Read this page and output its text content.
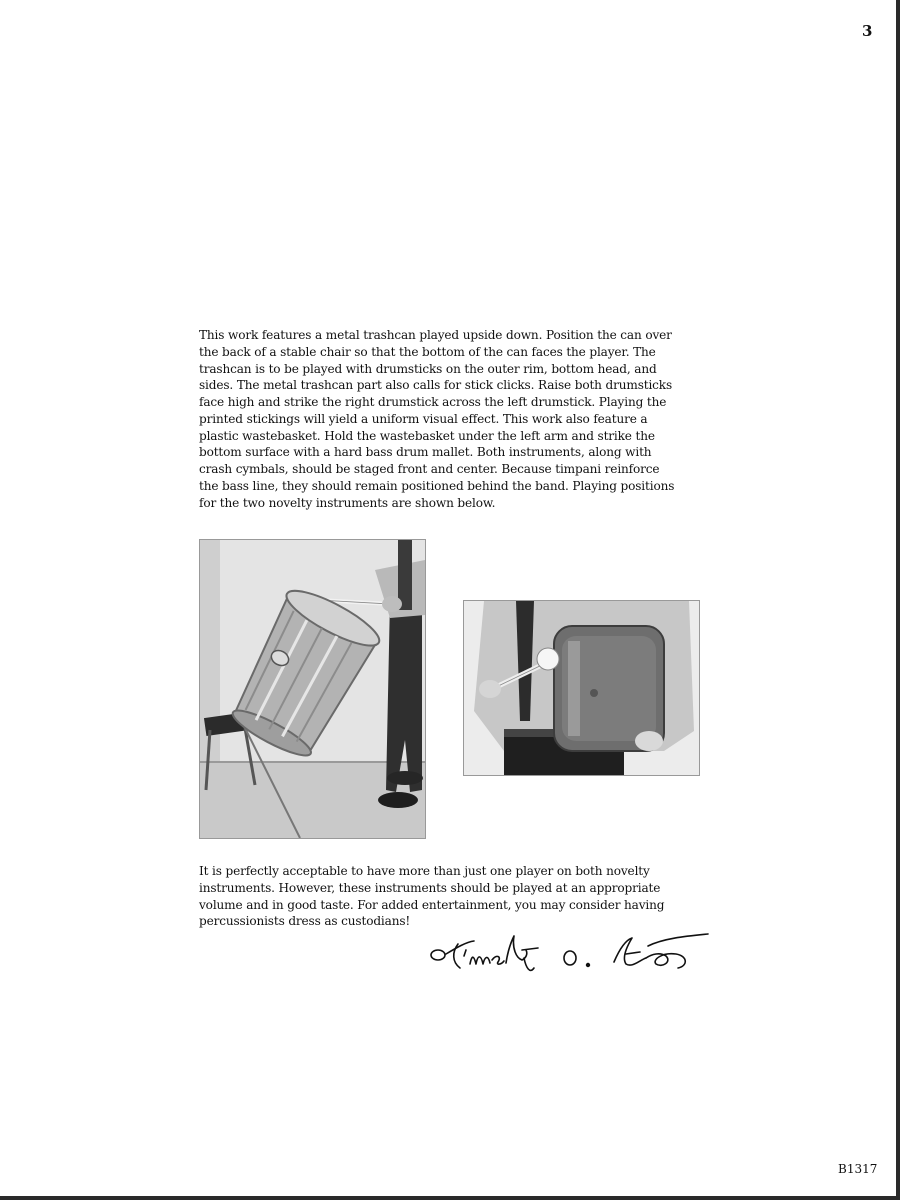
3

This work features a metal trashcan played upside down. Position the can over
the back of a stable chair so that the bottom of the can faces the player. The
trashcan is to be played with drumsticks on the outer rim, bottom head, and
sides. The metal trashcan part also calls for stick clicks. Raise both drumsticks
face high and strike the right drumstick across the left drumstick. Playing the
printed stickings will yield a uniform visual effect. This work also feature a
plastic wastebasket. Hold the wastebasket under the left arm and strike the
bottom surface with a hard bass drum mallet. Both instruments, along with
crash cymbals, should be staged front and center. Because timpani reinforce
the bass line, they should remain positioned behind the band. Playing positions
for the two novelty instruments are shown below.

It is perfectly acceptable to have more than just one player on both novelty
instruments. However, these instruments should be played at an appropriate
volume and in good taste. For added entertainment, you may consider having
percussionists dress as custodians!

B1317
